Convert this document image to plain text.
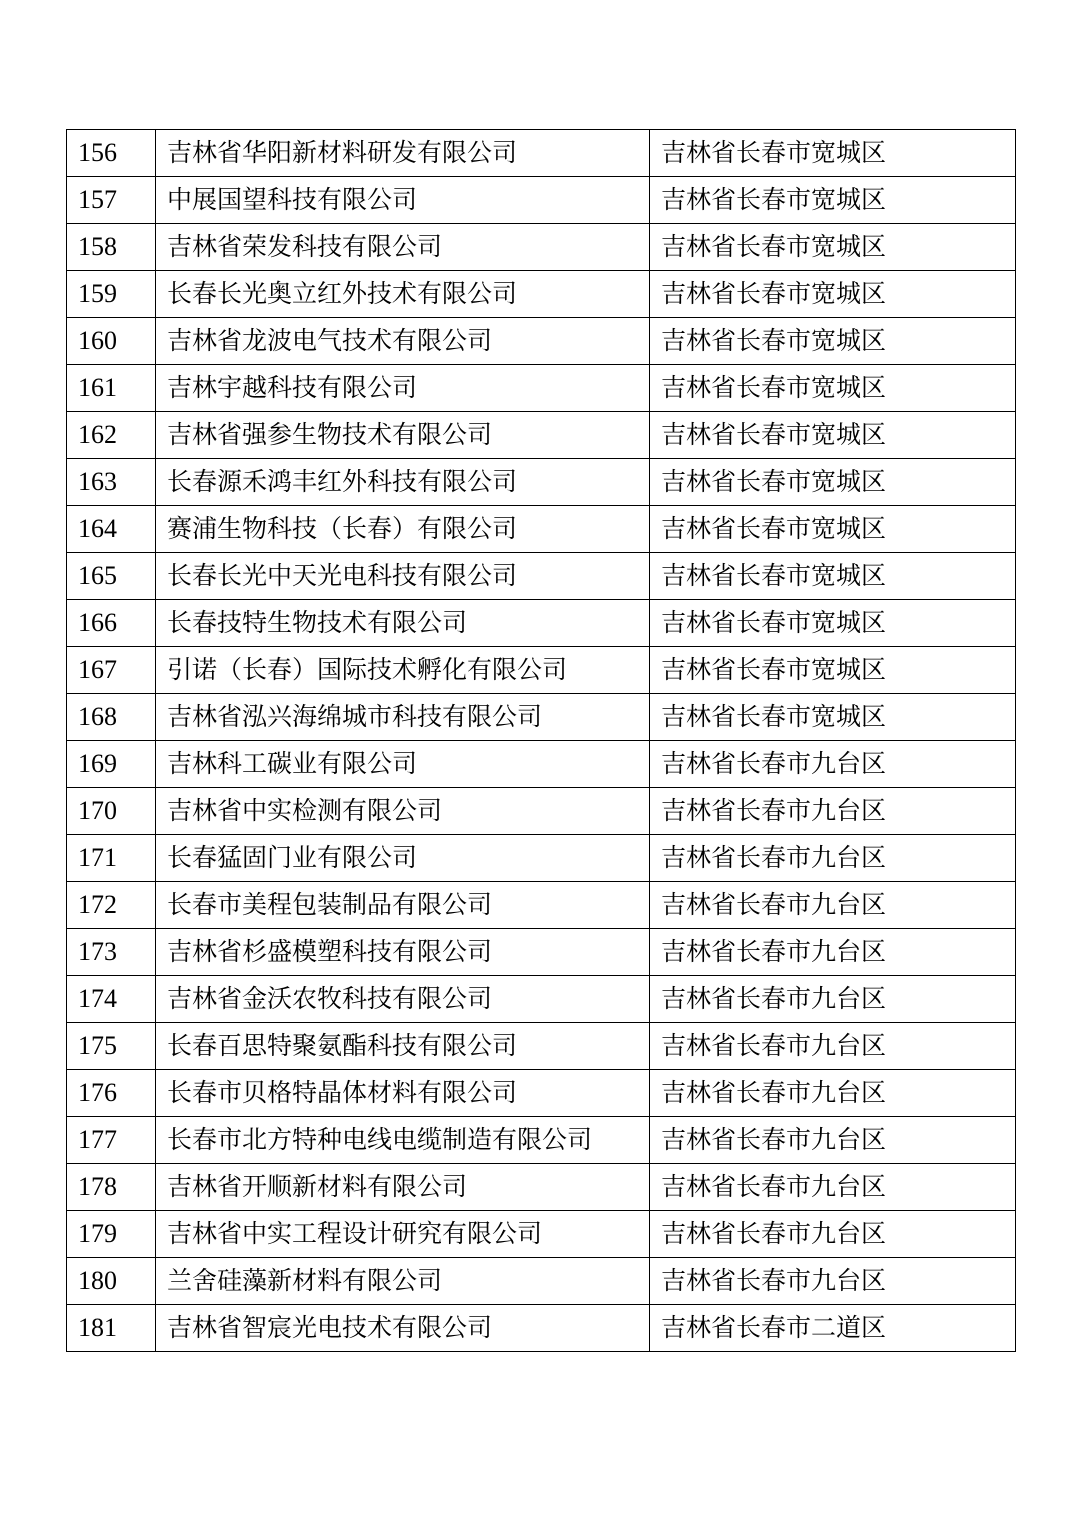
156	吉林省华阳新材料研发有限公司	吉林省长春市宽城区
157	中展国望科技有限公司	吉林省长春市宽城区
158	吉林省荣发科技有限公司	吉林省长春市宽城区
159	长春长光奥立红外技术有限公司	吉林省长春市宽城区
160	吉林省龙波电气技术有限公司	吉林省长春市宽城区
161	吉林宇越科技有限公司	吉林省长春市宽城区
162	吉林省强参生物技术有限公司	吉林省长春市宽城区
163	长春源禾鸿丰红外科技有限公司	吉林省长春市宽城区
164	赛浦生物科技（长春）有限公司	吉林省长春市宽城区
165	长春长光中天光电科技有限公司	吉林省长春市宽城区
166	长春技特生物技术有限公司	吉林省长春市宽城区
167	引诺（长春）国际技术孵化有限公司	吉林省长春市宽城区
168	吉林省泓兴海绵城市科技有限公司	吉林省长春市宽城区
169	吉林科工碳业有限公司	吉林省长春市九台区
170	吉林省中实检测有限公司	吉林省长春市九台区
171	长春猛固门业有限公司	吉林省长春市九台区
172	长春市美程包装制品有限公司	吉林省长春市九台区
173	吉林省杉盛模塑科技有限公司	吉林省长春市九台区
174	吉林省金沃农牧科技有限公司	吉林省长春市九台区
175	长春百思特聚氨酯科技有限公司	吉林省长春市九台区
176	长春市贝格特晶体材料有限公司	吉林省长春市九台区
177	长春市北方特种电线电缆制造有限公司	吉林省长春市九台区
178	吉林省开顺新材料有限公司	吉林省长春市九台区
179	吉林省中实工程设计研究有限公司	吉林省长春市九台区
180	兰舍硅藻新材料有限公司	吉林省长春市九台区
181	吉林省智宸光电技术有限公司	吉林省长春市二道区
